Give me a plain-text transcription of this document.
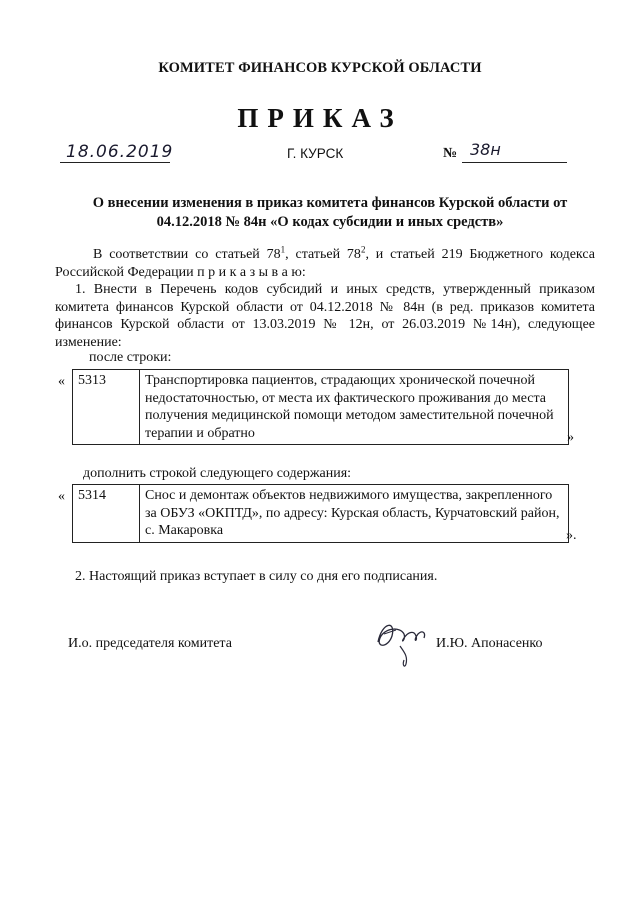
КОМИТЕТ ФИНАНСОВ КУРСКОЙ ОБЛАСТИ
ПРИКАЗ
18.06.2019	Г. КУРСК	№ 38н
О внесении изменения в приказ комитета финансов Курской области от
04.12.2018 № 84н «О кодах субсидии и иных средств»
В соответствии со статьей $78^1$, статьей $78^2$, и статьей 219 Бюджетного кодекса Российской Федерации п р и к а з ы в а ю:
1. Внести в Перечень кодов субсидий и иных средств, утвержденный приказом комитета финансов Курской области от 04.12.2018 № 84н (в ред. приказов комитета финансов Курской области от 13.03.2019 № 12н, от 26.03.2019 №14н), следующее изменение:
после строки:
« 5313	Транспортировка пациентов, страдающих хронической почечной недостаточностью, от места их фактического проживания до места получения медицинской помощи методом заместительной почечной терапии и обратно	»
дополнить строкой следующего содержания:
« 5314	Снос и демонтаж объектов недвижимого имущества, закрепленного за ОБУЗ «ОКПТД», по адресу: Курская область, Курчатовский район, с. Макаровка	».
2. Настоящий приказ вступает в силу со дня его подписания.
И.о. председателя комитета	И.Ю. Апонасенко
